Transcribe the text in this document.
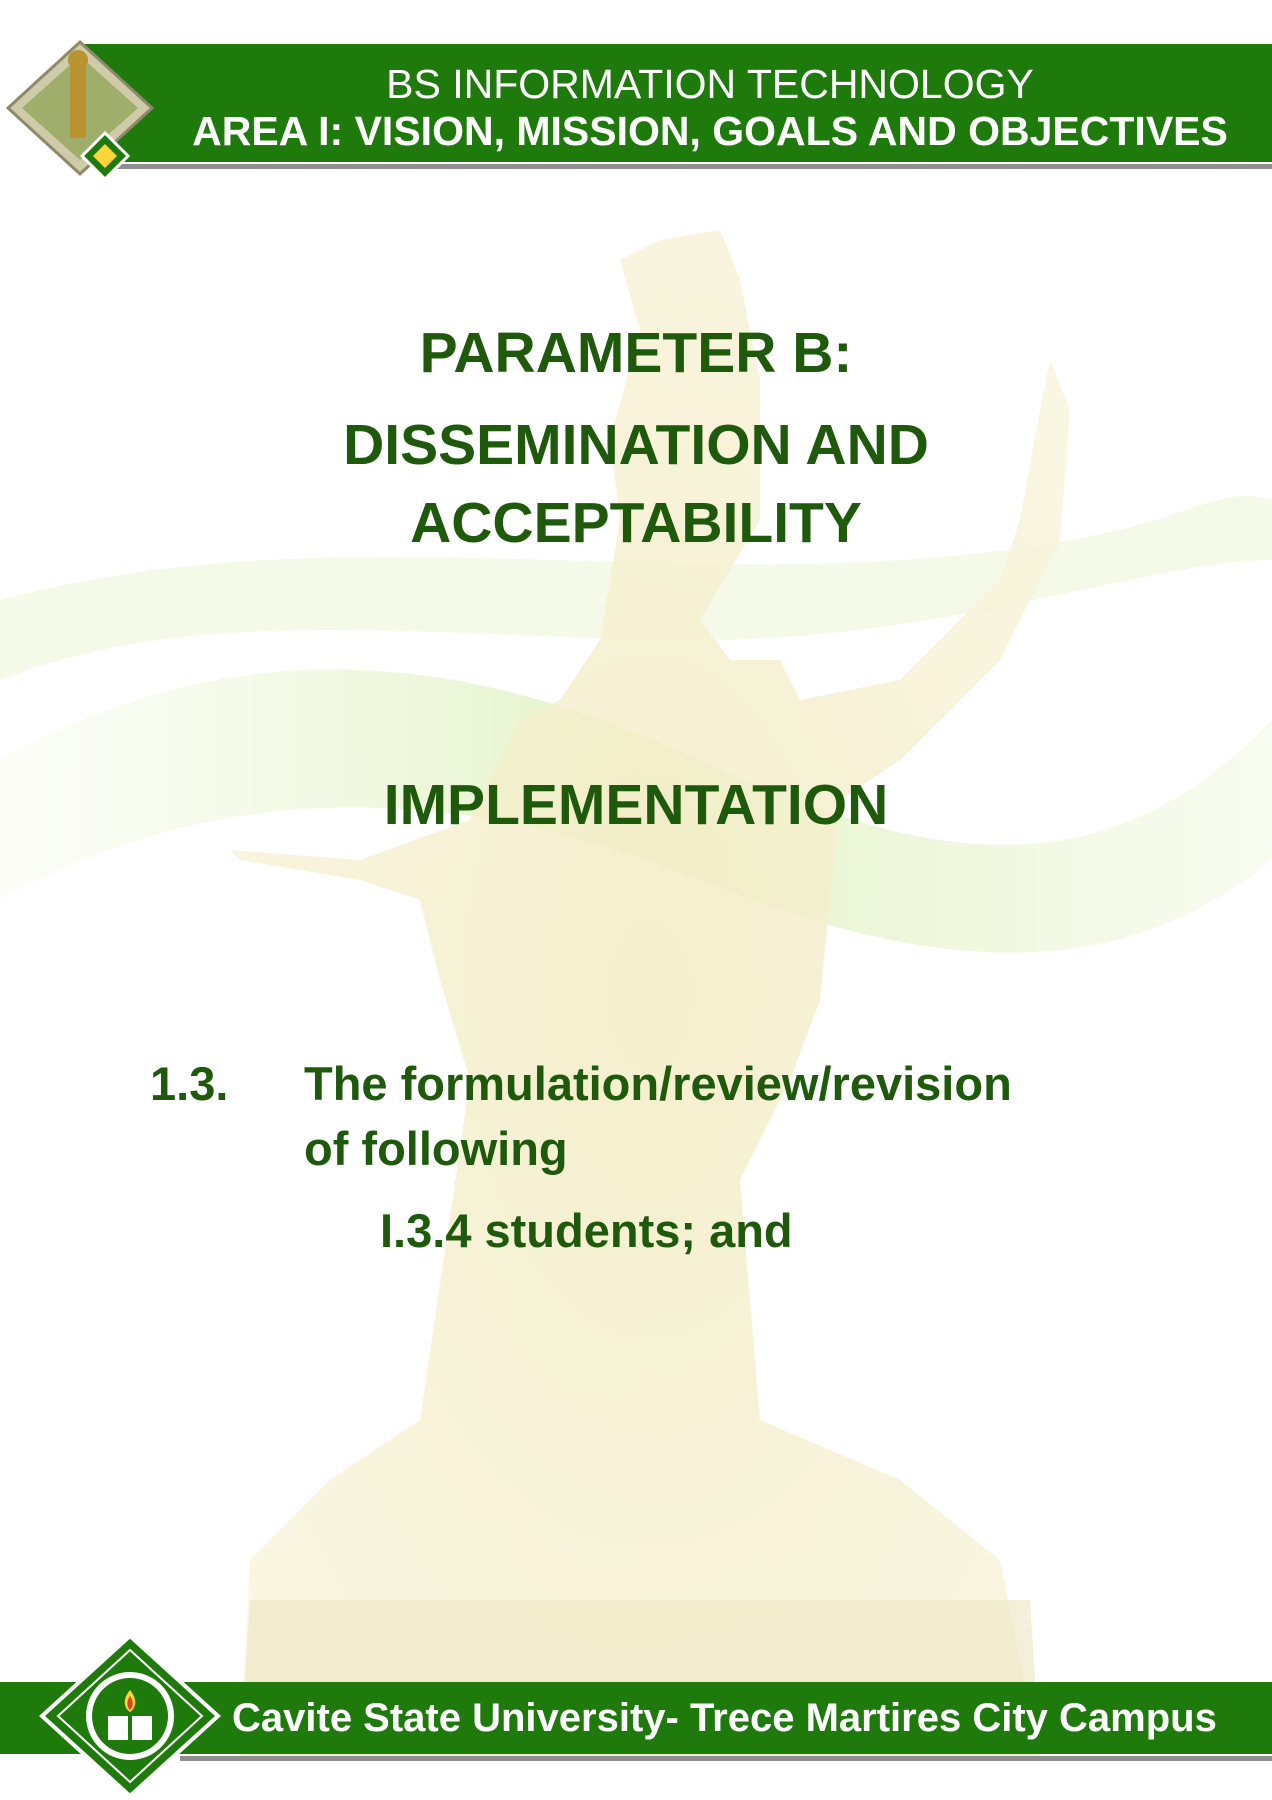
BS INFORMATION TECHNOLOGY
AREA I: VISION, MISSION, GOALS AND OBJECTIVES
PARAMETER B:
DISSEMINATION AND
ACCEPTABILITY
IMPLEMENTATION
1.3. The formulation/review/revision
of following
I.3.4 students; and
Cavite State University- Trece Martires City Campus
